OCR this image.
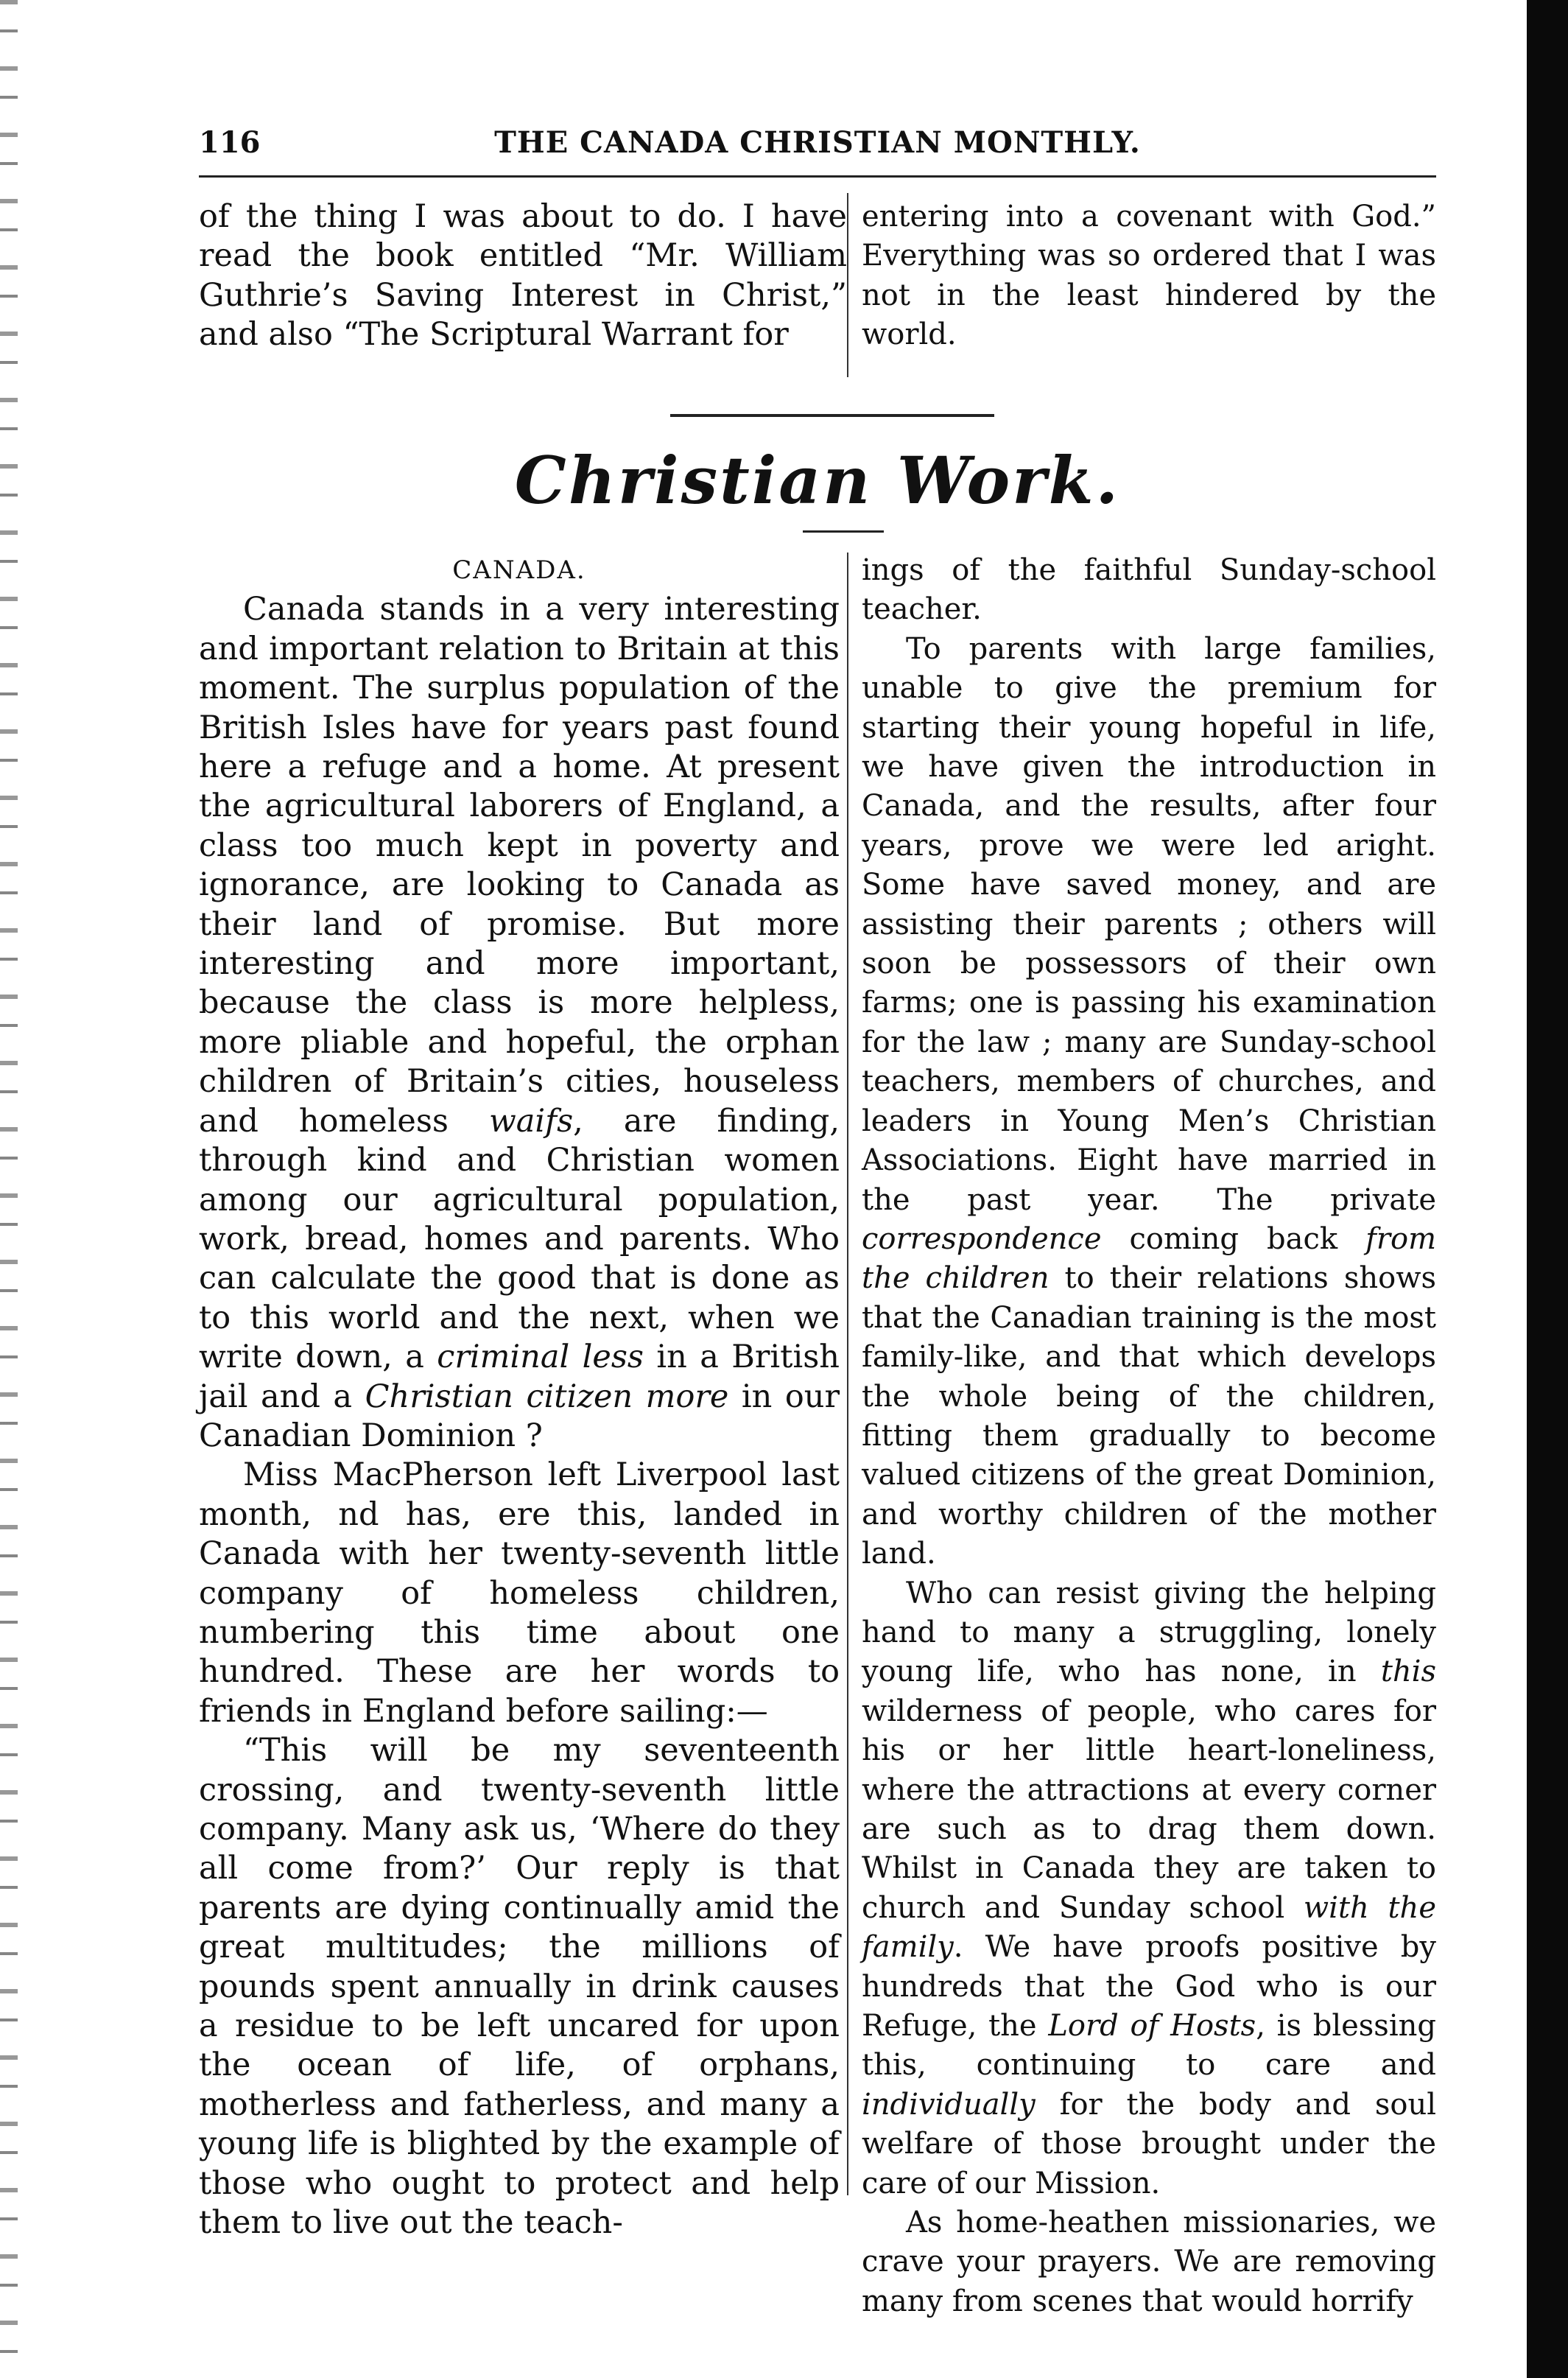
116	THE CANADA CHRISTIAN MONTHLY.

of the thing I was about to do. I have read the book entitled “Mr. William Guthrie’s Saving Interest in Christ,” and also “The Scriptural Warrant for

entering into a covenant with God.” Everything was so ordered that I was not in the least hindered by the world.

Christian Work.

CANADA.

Canada stands in a very interesting and important relation to Britain at this moment. The surplus population of the British Isles have for years past found here a refuge and a home. At present the agricultural laborers of England, a class too much kept in poverty and ignorance, are looking to Canada as their land of promise. But more interesting and more important, because the class is more helpless, more pliable and hopeful, the orphan children of Britain’s cities, houseless and homeless waifs, are finding, through kind and Christian women among our agricultural population, work, bread, homes and parents. Who can calculate the good that is done as to this world and the next, when we write down, a criminal less in a British jail and a Christian citizen more in our Canadian Dominion ?

Miss MacPherson left Liverpool last month, nd has, ere this, landed in Canada with her twenty-seventh little company of homeless children, numbering this time about one hundred. These are her words to friends in England before sailing:—

“This will be my seventeenth crossing, and twenty-seventh little company. Many ask us, ‘Where do they all come from?’ Our reply is that parents are dying continually amid the great multitudes; the millions of pounds spent annually in drink causes a residue to be left uncared for upon the ocean of life, of orphans, motherless and fatherless, and many a young life is blighted by the example of those who ought to protect and help them to live out the teach-

ings of the faithful Sunday-school teacher.

To parents with large families, unable to give the premium for starting their young hopeful in life, we have given the introduction in Canada, and the results, after four years, prove we were led aright. Some have saved money, and are assisting their parents ; others will soon be possessors of their own farms; one is passing his examination for the law ; many are Sunday-school teachers, members of churches, and leaders in Young Men’s Christian Associations. Eight have married in the past year. The private correspondence coming back from the children to their relations shows that the Canadian training is the most family-like, and that which develops the whole being of the children, fitting them gradually to become valued citizens of the great Dominion, and worthy children of the mother land.

Who can resist giving the helping hand to many a struggling, lonely young life, who has none, in this wilderness of people, who cares for his or her little heart-loneliness, where the attractions at every corner are such as to drag them down. Whilst in Canada they are taken to church and Sunday school with the family. We have proofs positive by hundreds that the God who is our Refuge, the Lord of Hosts, is blessing this, continuing to care and individually for the body and soul welfare of those brought under the care of our Mission.

As home-heathen missionaries, we crave your prayers. We are removing many from scenes that would horrify
